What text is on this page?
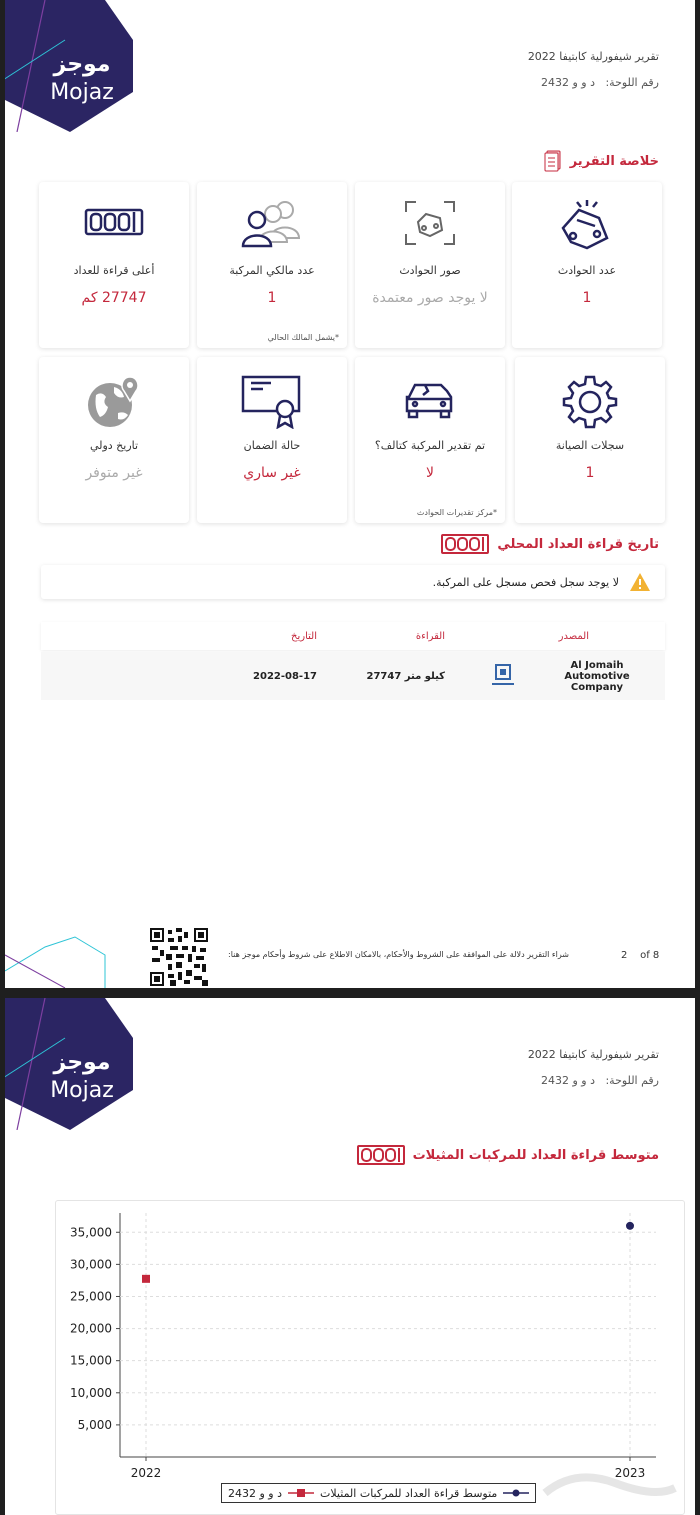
موجز
Mojaz
تقرير شيفورلية كابتيفا 2022
رقم اللوحة:
د و و 2432
خلاصة التقرير
عدد الحوادث
1
صور الحوادث
لا يوجد صور معتمدة
عدد مالكي المركبة
1
*يشمل المالك الحالي
أعلى قراءة للعداد
27747 كم
سجلات الصيانة
1
تم تقدير المركبة كتالف؟
لا
*مركز تقديرات الحوادث
حالة الضمان
غير ساري
تاريخ دولي
غير متوفر
تاريخ قراءة العداد المحلي
لا يوجد سجل فحص مسجل على المركبة.
المصدر
القراءة
التاريخ
Al Jomaih Automotive Company
27747 كيلو متر
2022-08-17
شراء التقرير دلالة على الموافقة على الشروط والأحكام، بالامكان الاطلاع على شروط وأحكام موجز هنا:	2 of 8
موجز
Mojaz
تقرير شيفورلية كابتيفا 2022
رقم اللوحة:
د و و 2432
متوسط قراءة العداد للمركبات المثيلات
5,000
10,000
15,000
20,000
25,000
30,000
35,000
2022	2023
متوسط قراءة العداد للمركبات المثيلات
د و و 2432
